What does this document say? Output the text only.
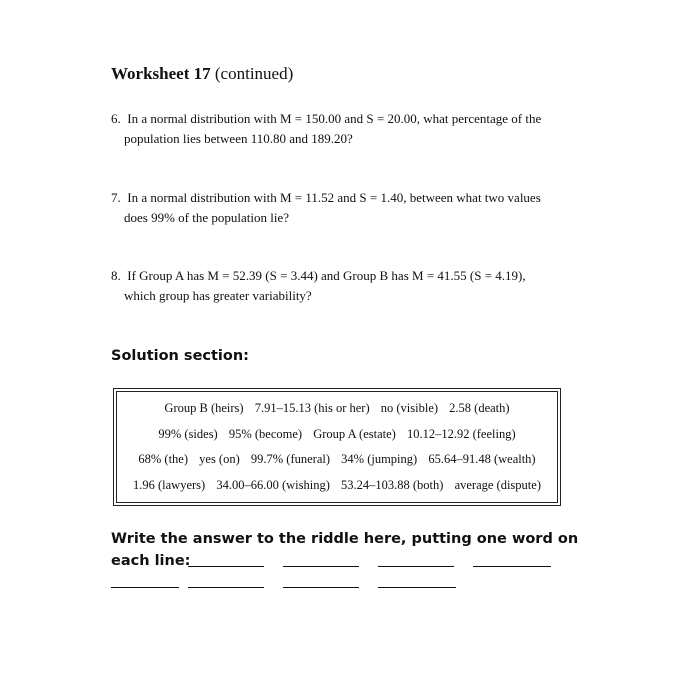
Worksheet 17 (continued)
6. In a normal distribution with M = 150.00 and S = 20.00, what percentage of the
population lies between 110.80 and 189.20?
7. In a normal distribution with M = 11.52 and S = 1.40, between what two values
does 99% of the population lie?
8. If Group A has M = 52.39 (S = 3.44) and Group B has M = 41.55 (S = 4.19),
which group has greater variability?
Solution section:
Group B (heirs) 7.91–15.13 (his or her) no (visible) 2.58 (death)
99% (sides) 95% (become) Group A (estate) 10.12–12.92 (feeling)
68% (the) yes (on) 99.7% (funeral) 34% (jumping) 65.64–91.48 (wealth)
1.96 (lawyers) 34.00–66.00 (wishing) 53.24–103.88 (both) average (dispute)
Write the answer to the riddle here, putting one word on
each line:
